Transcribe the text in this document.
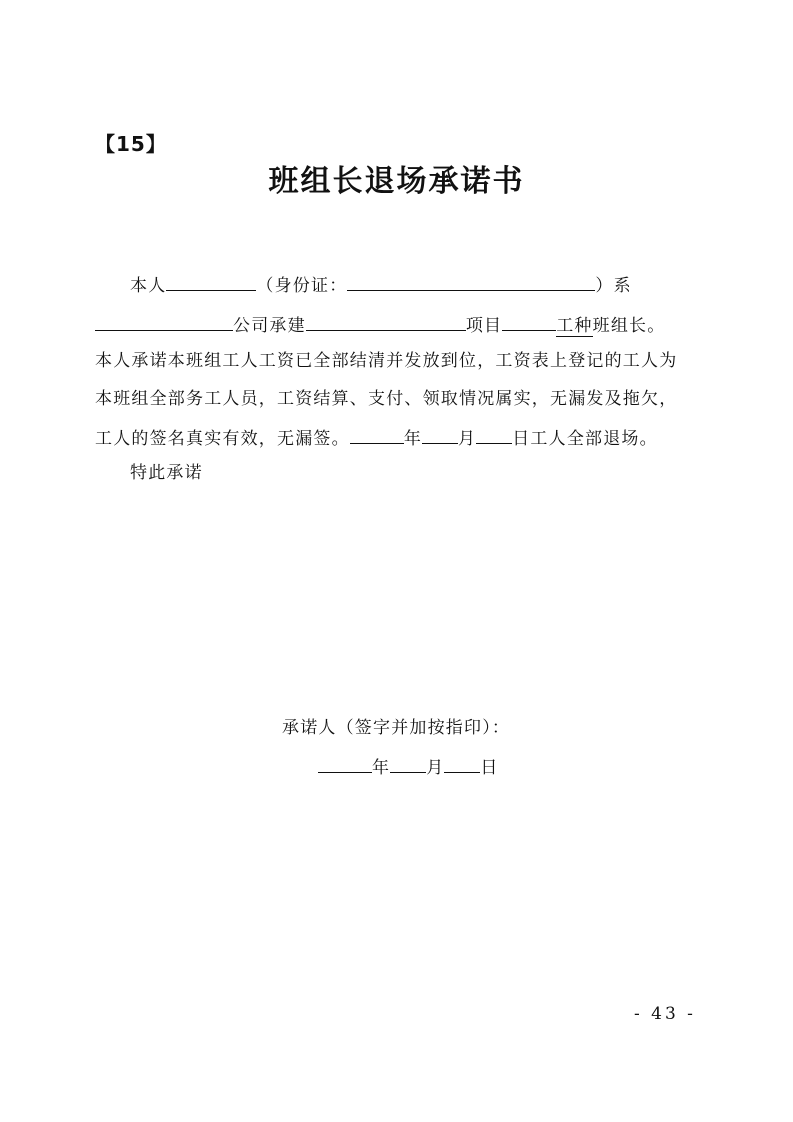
【15】
班组长退场承诺书
本人	（身份证：	）系
公司承建	项目	工种班组长。
本人承诺本班组工人工资已全部结清并发放到位，工资表上登记的工人为
本班组全部务工人员，工资结算、支付、领取情况属实，无漏发及拖欠，
工人的签名真实有效，无漏签。	年 月 日工人全部退场。
特此承诺
承诺人（签字并加按指印）：
年 月 日
- 43 -
